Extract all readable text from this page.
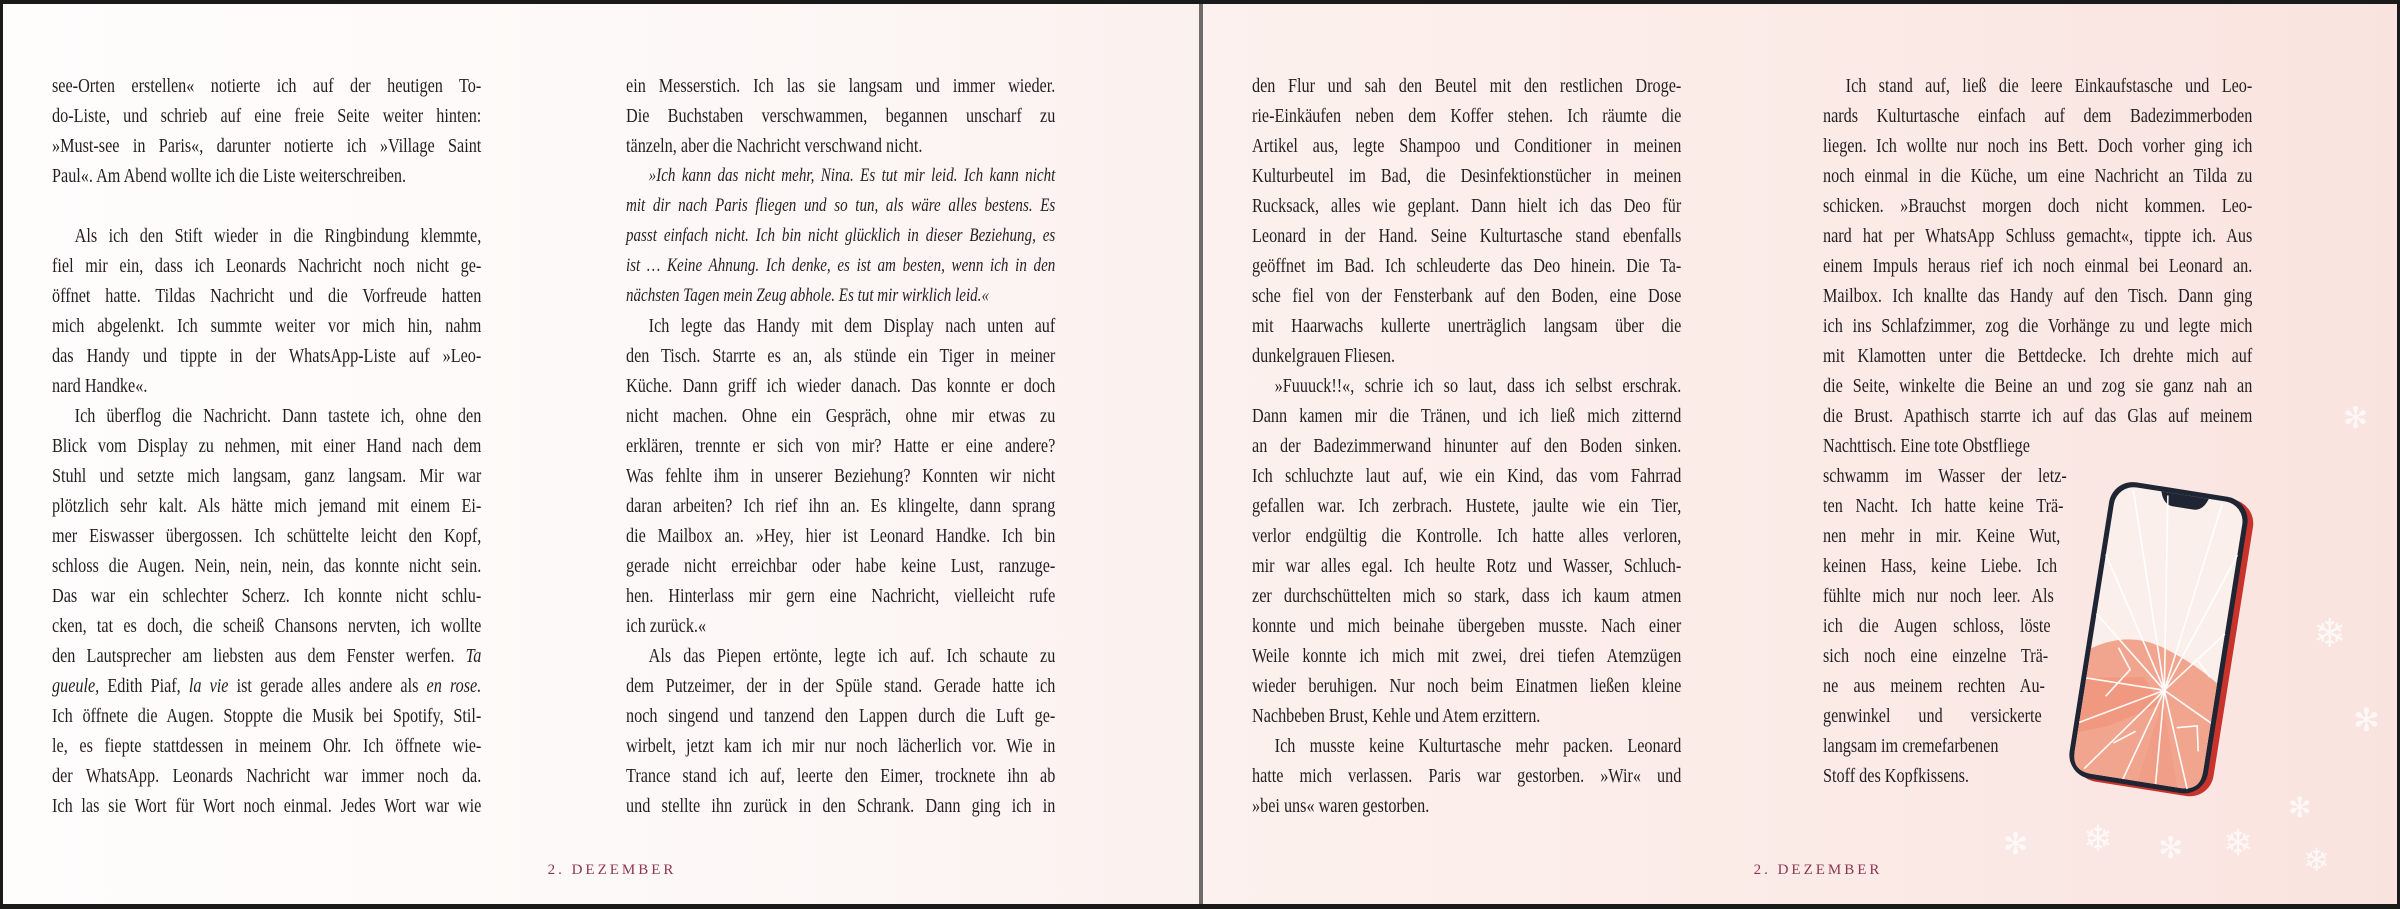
see-Orten erstellen« notierte ich auf der heutigen To-
do-Liste, und schrieb auf eine freie Seite weiter hinten:
»Must-see in Paris«, darunter notierte ich »Village Saint
Paul«. Am Abend wollte ich die Liste weiterschreiben.
Als ich den Stift wieder in die Ringbindung klemmte,
fiel mir ein, dass ich Leonards Nachricht noch nicht ge-
öffnet hatte. Tildas Nachricht und die Vorfreude hatten
mich abgelenkt. Ich summte weiter vor mich hin, nahm
das Handy und tippte in der WhatsApp-Liste auf »Leo-
nard Handke«.
Ich überflog die Nachricht. Dann tastete ich, ohne den
Blick vom Display zu nehmen, mit einer Hand nach dem
Stuhl und setzte mich langsam, ganz langsam. Mir war
plötzlich sehr kalt. Als hätte mich jemand mit einem Ei-
mer Eiswasser übergossen. Ich schüttelte leicht den Kopf,
schloss die Augen. Nein, nein, nein, das konnte nicht sein.
Das war ein schlechter Scherz. Ich konnte nicht schlu-
cken, tat es doch, die scheiß Chansons nervten, ich wollte
den Lautsprecher am liebsten aus dem Fenster werfen. Ta
gueule, Edith Piaf, la vie ist gerade alles andere als en rose.
Ich öffnete die Augen. Stoppte die Musik bei Spotify, Stil-
le, es fiepte stattdessen in meinem Ohr. Ich öffnete wie-
der WhatsApp. Leonards Nachricht war immer noch da.
Ich las sie Wort für Wort noch einmal. Jedes Wort war wie
ein Messerstich. Ich las sie langsam und immer wieder.
Die Buchstaben verschwammen, begannen unscharf zu
tänzeln, aber die Nachricht verschwand nicht.
»Ich kann das nicht mehr, Nina. Es tut mir leid. Ich kann nicht
mit dir nach Paris fliegen und so tun, als wäre alles bestens. Es
passt einfach nicht. Ich bin nicht glücklich in dieser Beziehung, es
ist … Keine Ahnung. Ich denke, es ist am besten, wenn ich in den
nächsten Tagen mein Zeug abhole. Es tut mir wirklich leid.«
Ich legte das Handy mit dem Display nach unten auf
den Tisch. Starrte es an, als stünde ein Tiger in meiner
Küche. Dann griff ich wieder danach. Das konnte er doch
nicht machen. Ohne ein Gespräch, ohne mir etwas zu
erklären, trennte er sich von mir? Hatte er eine andere?
Was fehlte ihm in unserer Beziehung? Konnten wir nicht
daran arbeiten? Ich rief ihn an. Es klingelte, dann sprang
die Mailbox an. »Hey, hier ist Leonard Handke. Ich bin
gerade nicht erreichbar oder habe keine Lust, ranzuge-
hen. Hinterlass mir gern eine Nachricht, vielleicht rufe
ich zurück.«
Als das Piepen ertönte, legte ich auf. Ich schaute zu
dem Putzeimer, der in der Spüle stand. Gerade hatte ich
noch singend und tanzend den Lappen durch die Luft ge-
wirbelt, jetzt kam ich mir nur noch lächerlich vor. Wie in
Trance stand ich auf, leerte den Eimer, trocknete ihn ab
und stellte ihn zurück in den Schrank. Dann ging ich in
2. DEZEMBER
✻ ❄ ✻ ❄
✻
❄
✻
✻
❄
den Flur und sah den Beutel mit den restlichen Droge-
rie-Einkäufen neben dem Koffer stehen. Ich räumte die
Artikel aus, legte Shampoo und Conditioner in meinen
Kulturbeutel im Bad, die Desinfektionstücher in meinen
Rucksack, alles wie geplant. Dann hielt ich das Deo für
Leonard in der Hand. Seine Kulturtasche stand ebenfalls
geöffnet im Bad. Ich schleuderte das Deo hinein. Die Ta-
sche fiel von der Fensterbank auf den Boden, eine Dose
mit Haarwachs kullerte unerträglich langsam über die
dunkelgrauen Fliesen.
»Fuuuck!!«, schrie ich so laut, dass ich selbst erschrak.
Dann kamen mir die Tränen, und ich ließ mich zitternd
an der Badezimmerwand hinunter auf den Boden sinken.
Ich schluchzte laut auf, wie ein Kind, das vom Fahrrad
gefallen war. Ich zerbrach. Hustete, jaulte wie ein Tier,
verlor endgültig die Kontrolle. Ich hatte alles verloren,
mir war alles egal. Ich heulte Rotz und Wasser, Schluch-
zer durchschüttelten mich so stark, dass ich kaum atmen
konnte und mich beinahe übergeben musste. Nach einer
Weile konnte ich mich mit zwei, drei tiefen Atemzügen
wieder beruhigen. Nur noch beim Einatmen ließen kleine
Nachbeben Brust, Kehle und Atem erzittern.
Ich musste keine Kulturtasche mehr packen. Leonard
hatte mich verlassen. Paris war gestorben. »Wir« und
»bei uns« waren gestorben.
Ich stand auf, ließ die leere Einkaufstasche und Leo-
nards Kulturtasche einfach auf dem Badezimmerboden
liegen. Ich wollte nur noch ins Bett. Doch vorher ging ich
noch einmal in die Küche, um eine Nachricht an Tilda zu
schicken. »Brauchst morgen doch nicht kommen. Leo-
nard hat per WhatsApp Schluss gemacht«, tippte ich. Aus
einem Impuls heraus rief ich noch einmal bei Leonard an.
Mailbox. Ich knallte das Handy auf den Tisch. Dann ging
ich ins Schlafzimmer, zog die Vorhänge zu und legte mich
mit Klamotten unter die Bettdecke. Ich drehte mich auf
die Seite, winkelte die Beine an und zog sie ganz nah an
die Brust. Apathisch starrte ich auf das Glas auf meinem
Nachttisch. Eine tote Obstfliege
schwamm im Wasser der letz-
ten Nacht. Ich hatte keine Trä-
nen mehr in mir. Keine Wut,
keinen Hass, keine Liebe. Ich
fühlte mich nur noch leer. Als
ich die Augen schloss, löste
sich noch eine einzelne Trä-
ne aus meinem rechten Au-
genwinkel und versickerte
langsam im cremefarbenen
Stoff des Kopfkissens.
2. DEZEMBER
